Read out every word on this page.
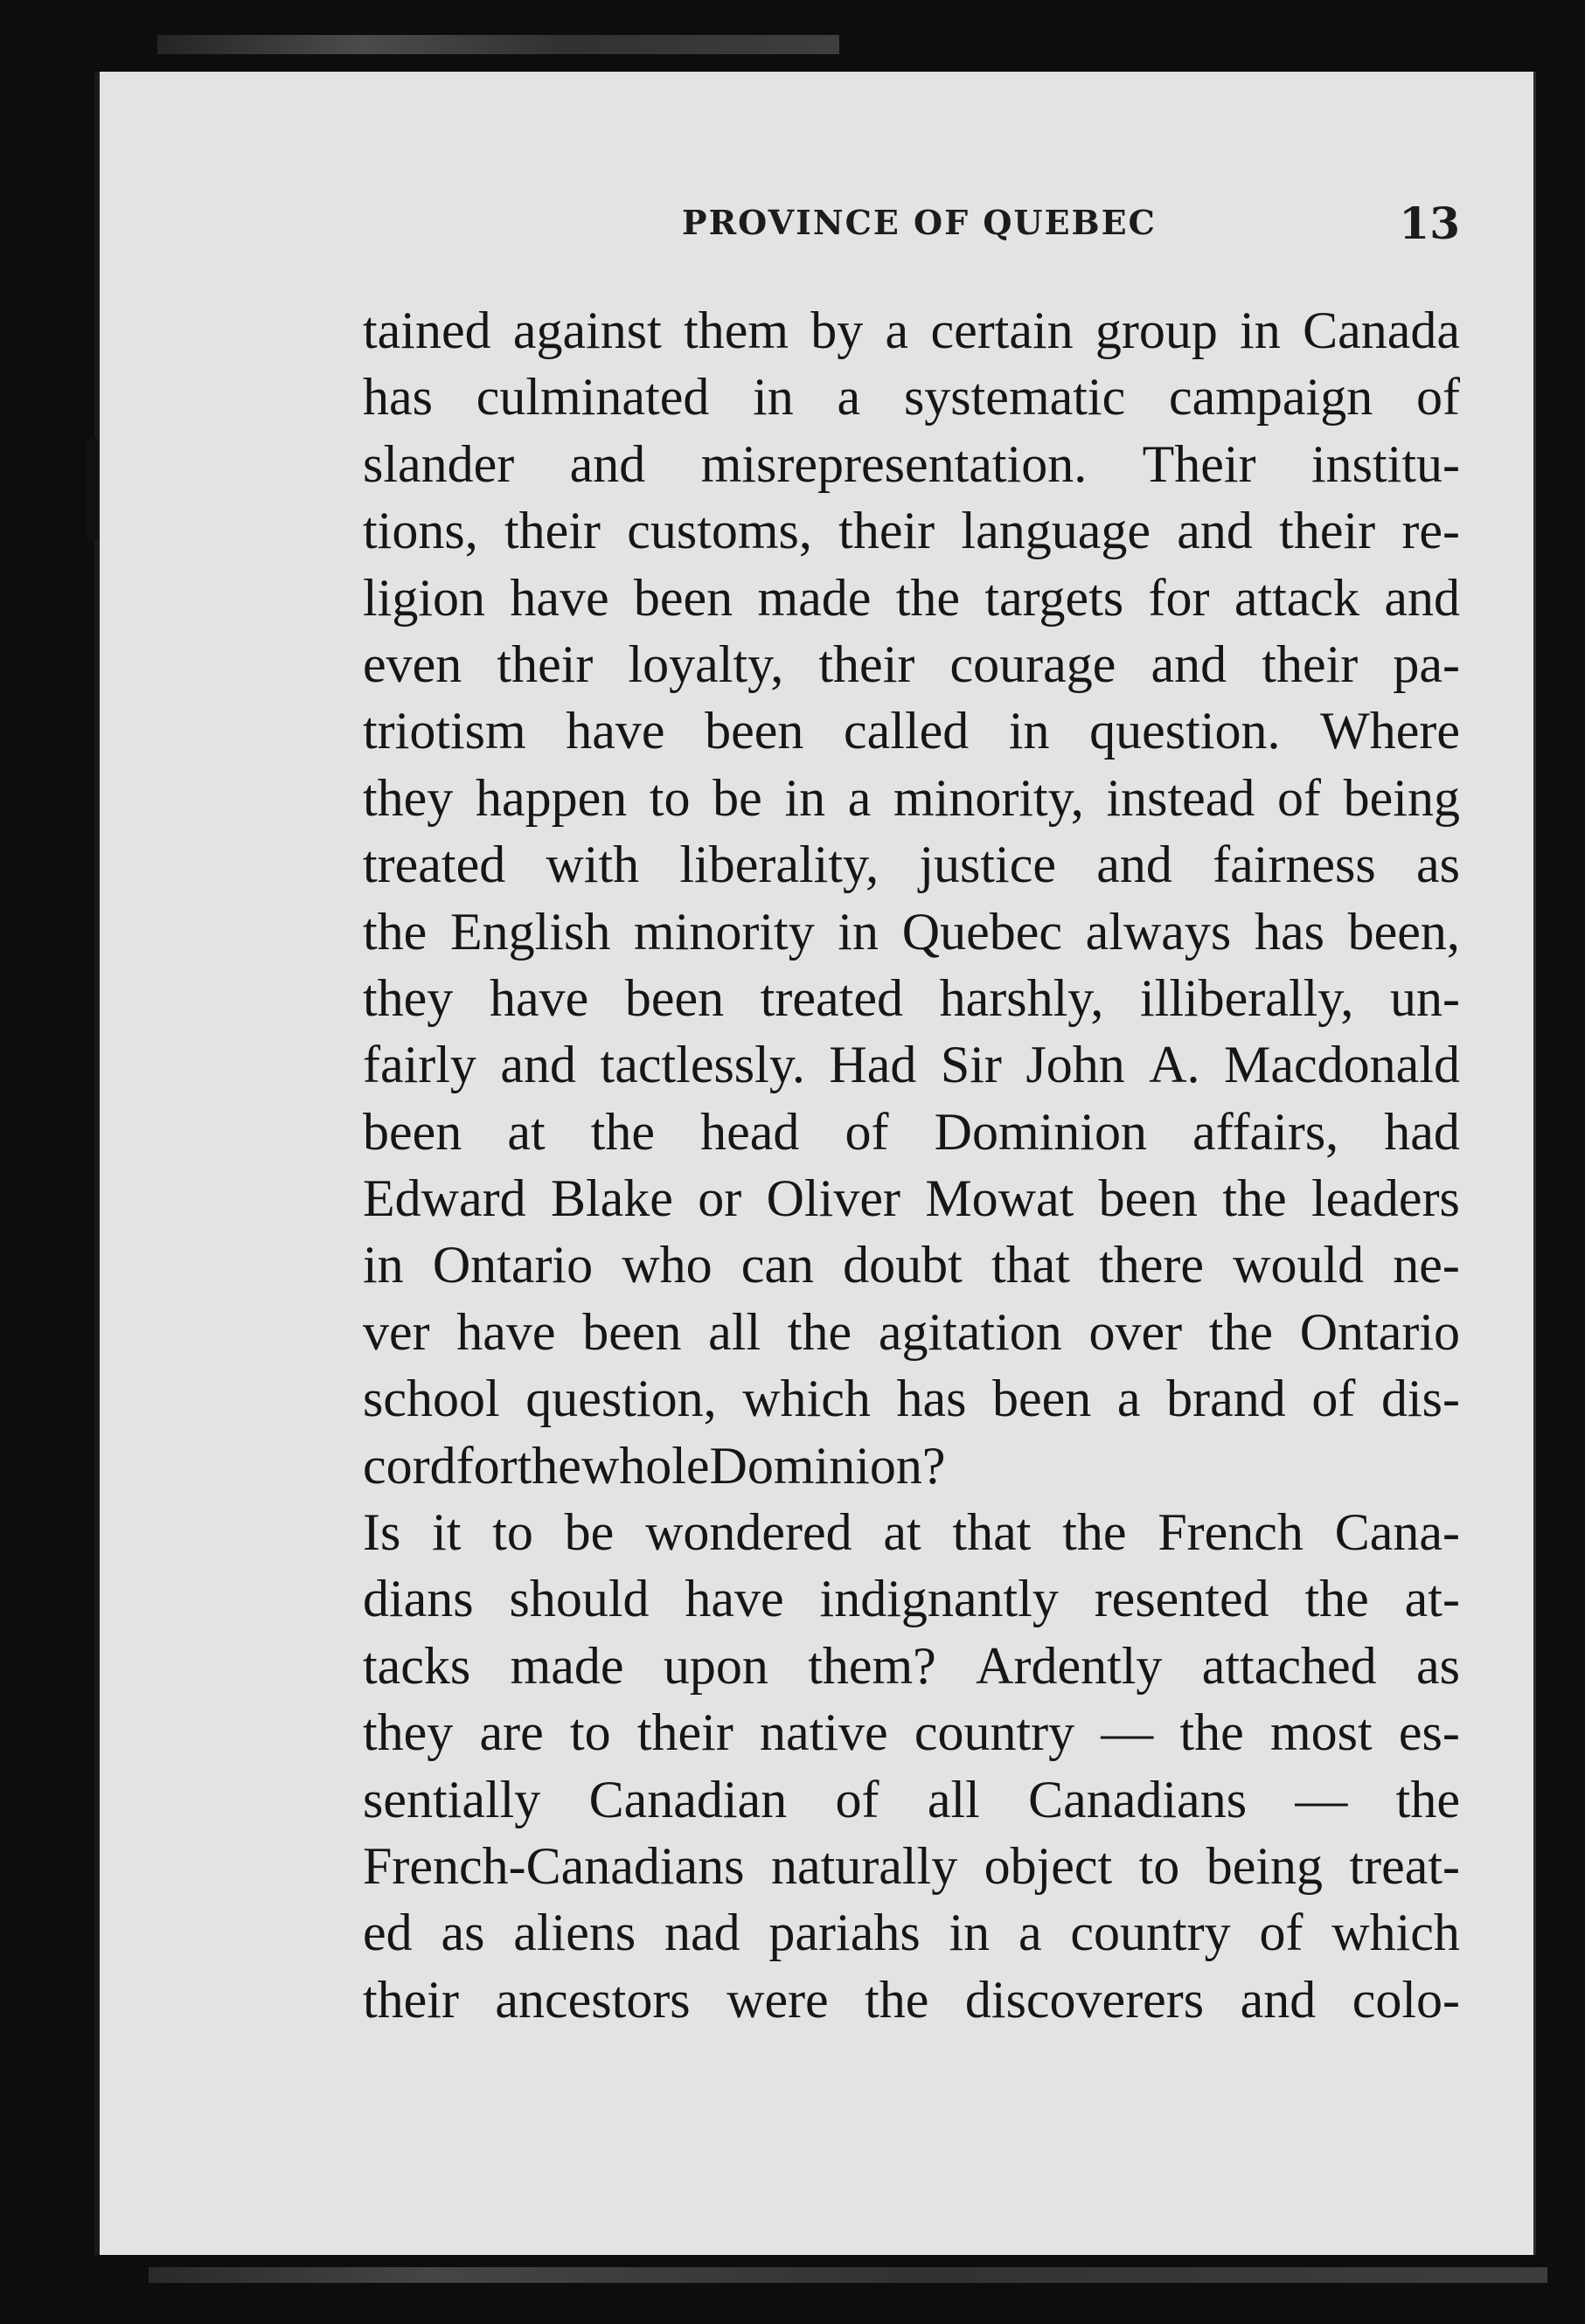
PROVINCE OF QUEBEC	13
tained against them by a certain group in Canada
has culminated in a systematic campaign of
slander and misrepresentation. Their institu-
tions, their customs, their language and their re-
ligion have been made the targets for attack and
even their loyalty, their courage and their pa-
triotism have been called in question. Where
they happen to be in a minority, instead of being
treated with liberality, justice and fairness as
the English minority in Quebec always has been,
they have been treated harshly, illiberally, un-
fairly and tactlessly. Had Sir John A. Macdonald
been at the head of Dominion affairs, had
Edward Blake or Oliver Mowat been the leaders
in Ontario who can doubt that there would ne-
ver have been all the agitation over the Ontario
school question, which has been a brand of dis-
cord for the whole Dominion ?
Is it to be wondered at that the French Cana-
dians should have indignantly resented the at-
tacks made upon them? Ardently attached as
they are to their native country — the most es-
sentially Canadian of all Canadians — the
French-Canadians naturally object to being treat-
ed as aliens nad pariahs in a country of which
their ancestors were the discoverers and colo-
